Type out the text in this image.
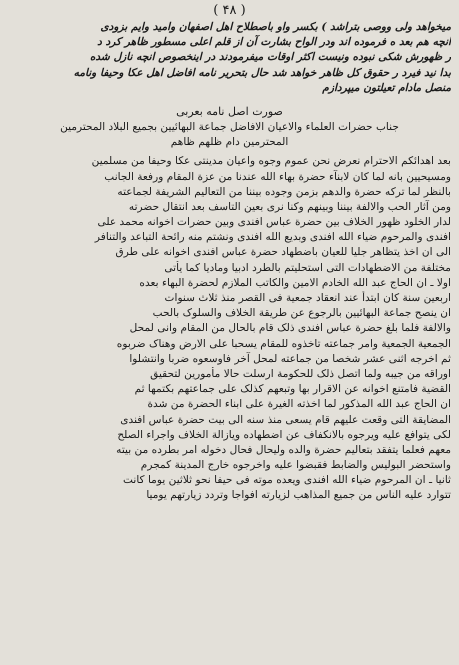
( ۴۸ )
میخواهد ولی ووصی بتراشد ) بکسر واو باصطلاح اهل اصفهان وامید وایم بزودی
انچه هم بعد ه فرموده اند ودر الواح بشارت آن از قلم اعلی مسطور ظاهر کرد د
ر ظهورش شکی نبوده ونیست اکثر اوقات میفرمودند در اینخصوص انچه نازل شده
بدا نید فیرد ر حقوق کل ظاهر خواهد شد حال بتحریر نامه افاضل اهل عکا وحیفا ونامه
منصل مادام تعیلتون میپردازم
صورت اصل نامه بعربی
جناب حضرات العلماء والاعیان الافاضل جماعة البهائیین بجمیع البلاد المحترمین
المحترمین دام ظلهم ظاهم
بعد اهدائکم الاحترام نعرض نحن عموم وجوه واعیان مدینتی عکا وحیفا من مسلمین
ومسیحیین بانه لما کان لابنآء حضرة بهاء الله عندنا من عزة المقام ورفعة الجانب
بالنظر لما ترکه حضرة والدهم بزمن وجوده بیننا من التعالیم الشریفة لجماعته
ومن آثار الحب والالفة بیننا وبینهم وکنا نری بعین التاسف بعد انتقال حضرته
لدار الخلود ظهور الخلاف بین حضرة عباس افندی وبین حضرات اخوانه محمد علی
افندی والمرحوم ضیاء الله افندی وبدیع الله افندی ونشتم منه رائحة التباعد والتنافر
الی ان اخذ یتظاهر جلیا للعیان باضطهاد حضرة عباس افندی اخوانه علی طرق
مختلفة من الاضطهادات التی استحلیتم بالطرد ادبیا ومادیا کما یأتی
اولا ـ ان الحاج عبد الله الخادم الامین والکاتب الملازم لحضرة البهاء بعده
اربعین سنة کان ابتدأ عند انعقاد جمعیة فی القصر منذ ثلاث سنوات
ان ینصح جماعة البهائیین بالرجوع عن طریقة الخلاف والسلوک بالحب
والالفة فلما بلغ حضرة عباس افندی ذلک قام بالحال من المقام وانی لمحل
الجمعیة الجمعیة وامر جماعته تاخذوه للمقام یسحبا علی الارض وهناک ضربوه
ثم اخرجه اثنی عشر شخصا من جماعته لمحل آخر فاوسعوه ضربا وانتشلوا
اوراقه من جیبه ولما اتصل ذلک للحکومة ارسلت حالا مأمورین لتحقیق
القضیة فامتنع اخوانه عن الاقرار بها وتبعهم کذلک علی جماعتهم بکتمها ثم
ان الحاج عبد الله المذکور لما اخذته الغیرة علی ابناء الحضرة من شدة
المضایقة التی وقعت علیهم قام یسعی منذ سنه الی بیت حضرة عباس افندی
لکی یتوافع علیه ویرجوه بالانکفاف عن اضطهاده ویازالة الخلاف واجراء الصلح
معهم فعلما یتفقد بتعالیم حضرة والده ولیحال فحال دخوله امر بطرده من بیته
واستحضر البولیس والضابط فقبضوا علیه واخرجوه خارج المدینة کمجرم
ثانیا ـ ان المرحوم ضیاء الله افندی ویعده موته فی حیفا نحو ثلاثین یوما کانت
تتوارد علیه الناس من جمیع المذاهب لزیارته افواجا وتردد زیارتهم یومیا
